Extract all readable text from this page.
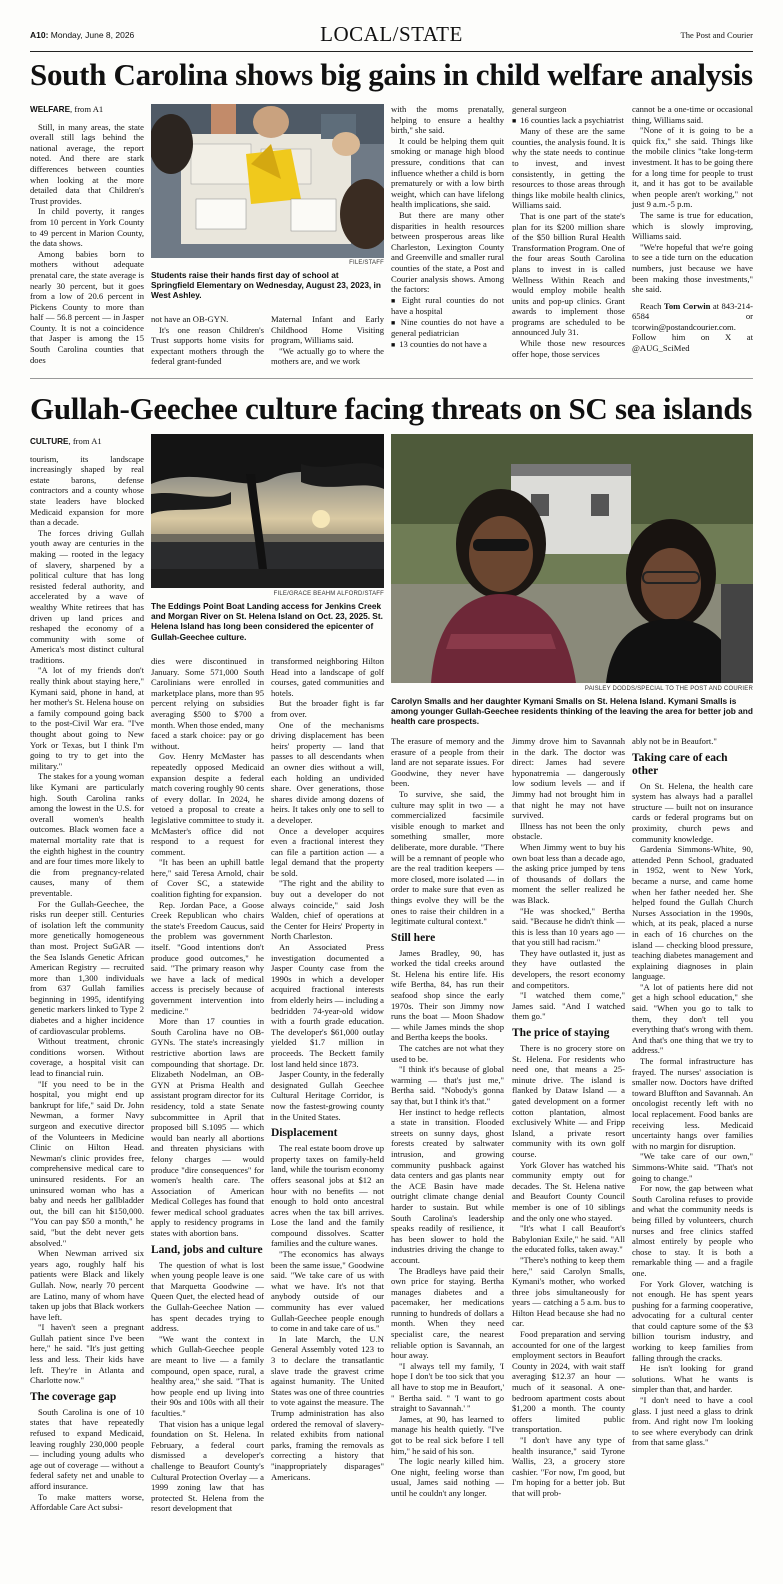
A10: Monday, June 8, 2026	LOCAL/STATE	The Post and Courier
South Carolina shows big gains in child welfare analysis
FILE/STAFF
Students raise their hands first day of school at Springfield Elementary on Wednesday, August 23, 2023, in West Ashley.

WELFARE, from A1

Still, in many areas, the state overall still lags behind the national average, the report noted. And there are stark differences between counties when looking at the more detailed data that Children's Trust provides.

In child poverty, it ranges from 10 percent in York County to 49 percent in Marion County, the data shows.

Among babies born to mothers without adequate prenatal care, the state average is nearly 30 percent, but it goes from a low of 20.6 percent in Pickens County to more than half — 56.8 percent — in Jasper County. It is not a coincidence that Jasper is among the 15 South Carolina counties that does

not have an OB-GYN.

It's one reason Children's Trust supports home visits for expectant mothers through the federal grant-funded

Maternal Infant and Early Childhood Home Visiting program, Williams said.

"We actually go to where the mothers are, and we work

with the moms prenatally, helping to ensure a healthy birth," she said.

It could be helping them quit smoking or manage high blood pressure, conditions that can influence whether a child is born prematurely or with a low birth weight, which can have lifelong health implications, she said.

But there are many other disparities in health resources between prosperous areas like Charleston, Lexington County and Greenville and smaller rural counties of the state, a Post and Courier analysis shows. Among the factors:

■ Eight rural counties do not have a hospital

■ Nine counties do not have a general pediatrician

■ 13 counties do not have a

general surgeon

■ 16 counties lack a psychiatrist

Many of these are the same counties, the analysis found. It is why the state needs to continue to invest, and invest consistently, in getting the resources to those areas through things like mobile health clinics, Williams said.

That is one part of the state's plan for its $200 million share of the $50 billion Rural Health Transformation Program. One of the four areas South Carolina plans to invest in is called Wellness Within Reach and would employ mobile health units and pop-up clinics. Grant awards to implement those programs are scheduled to be announced July 31.

While those new resources offer hope, those services

cannot be a one-time or occasional thing, Williams said.

"None of it is going to be a quick fix," she said. Things like the mobile clinics "take long-term investment. It has to be going there for a long time for people to trust it, and it has got to be available when people aren't working," not just 9 a.m.-5 p.m.

The same is true for education, which is slowly improving, Williams said.

"We're hopeful that we're going to see a tide turn on the education numbers, just because we have been making those investments," she said.

Reach Tom Corwin at 843-214-6584 or tcorwin@postandcourier.com. Follow him on X at @AUG_SciMed

Gullah-Geechee culture facing threats on SC sea islands
FILE/GRACE BEAHM ALFORD/STAFF
The Eddings Point Boat Landing access for Jenkins Creek and Morgan River on St. Helena Island on Oct. 23, 2025. St. Helena Island has long been considered the epicenter of Gullah-Geechee culture.
PAISLEY DODDS/SPECIAL TO THE POST AND COURIER
Carolyn Smalls and her daughter Kymani Smalls on St. Helena Island. Kymani Smalls is among younger Gullah-Geechee residents thinking of the leaving the area for better job and health care prospects.

CULTURE, from A1

tourism, its landscape increasingly shaped by real estate barons, defense contractors and a county whose state leaders have blocked Medicaid expansion for more than a decade.

The forces driving Gullah youth away are centuries in the making — rooted in the legacy of slavery, sharpened by a political culture that has long resisted federal authority, and accelerated by a wave of wealthy White retirees that has driven up land prices and reshaped the economy of a community with some of America's most distinct cultural traditions.

"A lot of my friends don't really think about staying here," Kymani said, phone in hand, at her mother's St. Helena house on a family compound going back to the post-Civil War era. "I've thought about going to New York or Texas, but I think I'm going to try to get into the military."

The stakes for a young woman like Kymani are particularly high. South Carolina ranks among the lowest in the U.S. for overall women's health outcomes. Black women face a maternal mortality rate that is the eighth highest in the country and are four times more likely to die from pregnancy-related causes, many of them preventable.

For the Gullah-Geechee, the risks run deeper still. Centuries of isolation left the community more genetically homogeneous than most. Project SuGAR — the Sea Islands Genetic African American Registry — recruited more than 1,300 individuals from 637 Gullah families beginning in 1995, identifying genetic markers linked to Type 2 diabetes and a higher incidence of cardiovascular problems.

Without treatment, chronic conditions worsen. Without coverage, a hospital visit can lead to financial ruin.

"If you need to be in the hospital, you might end up bankrupt for life," said Dr. John Newman, a former Navy surgeon and executive director of the Volunteers in Medicine Clinic on Hilton Head. Newman's clinic provides free, comprehensive medical care to uninsured residents. For an uninsured woman who has a baby and needs her gallbladder out, the bill can hit $150,000. "You can pay $50 a month," he said, "but the debt never gets absolved."

When Newman arrived six years ago, roughly half his patients were Black and likely Gullah. Now, nearly 70 percent are Latino, many of whom have taken up jobs that Black workers have left.

"I haven't seen a pregnant Gullah patient since I've been here," he said. "It's just getting less and less. Their kids have left. They're in Atlanta and Charlotte now."

The coverage gap

South Carolina is one of 10 states that have repeatedly refused to expand Medicaid, leaving roughly 230,000 people — including young adults who age out of coverage — without a federal safety net and unable to afford insurance.

To make matters worse, Affordable Care Act subsi-

dies were discontinued in January. Some 571,000 South Carolinians were enrolled in marketplace plans, more than 95 percent relying on subsidies averaging $500 to $700 a month. When those ended, many faced a stark choice: pay or go without.

Gov. Henry McMaster has repeatedly opposed Medicaid expansion despite a federal match covering roughly 90 cents of every dollar. In 2024, he vetoed a proposal to create a legislative committee to study it. McMaster's office did not respond to a request for comment.

"It has been an uphill battle here," said Teresa Arnold, chair of Cover SC, a statewide coalition fighting for expansion.

Rep. Jordan Pace, a Goose Creek Republican who chairs the state's Freedom Caucus, said the problem was government itself. "Good intentions don't produce good outcomes," he said. "The primary reason why we have a lack of medical access is precisely because of government intervention into medicine."

More than 17 counties in South Carolina have no OB-GYNs. The state's increasingly restrictive abortion laws are compounding that shortage. Dr. Elizabeth Nodelman, an OB-GYN at Prisma Health and assistant program director for its residency, told a state Senate subcommittee in April that proposed bill S.1095 — which would ban nearly all abortions and threaten physicians with felony charges — would produce "dire consequences" for women's health care. The Association of American Medical Colleges has found that fewer medical school graduates apply to residency programs in states with abortion bans.

Land, jobs and culture

The question of what is lost when young people leave is one that Marquetta Goodwine — Queen Quet, the elected head of the Gullah-Geechee Nation — has spent decades trying to address.

"We want the context in which Gullah-Geechee people are meant to live — a family compound, open space, rural, a healthy area," she said. "That is how people end up living into their 90s and 100s with all their faculties."

That vision has a unique legal foundation on St. Helena. In February, a federal court dismissed a developer's challenge to Beaufort County's Cultural Protection Overlay — a 1999 zoning law that has protected St. Helena from the resort development that

transformed neighboring Hilton Head into a landscape of golf courses, gated communities and hotels.

But the broader fight is far from over.

One of the mechanisms driving displacement has been heirs' property — land that passes to all descendants when an owner dies without a will, each holding an undivided share. Over generations, those shares divide among dozens of heirs. It takes only one to sell to a developer.

Once a developer acquires even a fractional interest they can file a partition action — a legal demand that the property be sold.

"The right and the ability to buy out a developer do not always coincide," said Josh Walden, chief of operations at the Center for Heirs' Property in North Charleston.

An Associated Press investigation documented a Jasper County case from the 1990s in which a developer acquired fractional interests from elderly heirs — including a bedridden 74-year-old widow with a fourth grade education. The developer's $61,000 outlay yielded $1.7 million in proceeds. The Beckett family lost land held since 1873.

Jasper County, in the federally designated Gullah Geechee Cultural Heritage Corridor, is now the fastest-growing county in the United States.

Displacement

The real estate boom drove up property taxes on family-held land, while the tourism economy offers seasonal jobs at $12 an hour with no benefits — not enough to hold onto ancestral acres when the tax bill arrives. Lose the land and the family compound dissolves. Scatter families and the culture wanes.

"The economics has always been the same issue," Goodwine said. "We take care of us with what we have. It's not that anybody outside of our community has ever valued Gullah-Geechee people enough to come in and take care of us."

In late March, the U.N General Assembly voted 123 to 3 to declare the transatlantic slave trade the gravest crime against humanity. The United States was one of three countries to vote against the measure. The Trump administration has also ordered the removal of slavery-related exhibits from national parks, framing the removals as correcting a history that "inappropriately disparages" Americans.

The erasure of memory and the erasure of a people from their land are not separate issues. For Goodwine, they never have been.

To survive, she said, the culture may split in two — a commercialized facsimile visible enough to market and something smaller, more deliberate, more durable. "There will be a remnant of people who are the real tradition keepers — more closed, more isolated — in order to make sure that even as things evolve they will be the ones to raise their children in a legitimate cultural context."

Still here

James Bradley, 90, has worked the tidal creeks around St. Helena his entire life. His wife Bertha, 84, has run their seafood shop since the early 1970s. Their son Jimmy now runs the boat — Moon Shadow — while James minds the shop and Bertha keeps the books.

The catches are not what they used to be.

"I think it's because of global warming — that's just me," Bertha said. "Nobody's gonna say that, but I think it's that."

Her instinct to hedge reflects a state in transition. Flooded streets on sunny days, ghost forests created by saltwater intrusion, and growing community pushback against data centers and gas plants near the ACE Basin have made outright climate change denial harder to sustain. But while South Carolina's leadership speaks readily of resilience, it has been slower to hold the industries driving the change to account.

The Bradleys have paid their own price for staying. Bertha manages diabetes and a pacemaker, her medications running to hundreds of dollars a month. When they need specialist care, the nearest reliable option is Savannah, an hour away.

"I always tell my family, 'I hope I don't be too sick that you all have to stop me in Beaufort,' " Bertha said. " 'I want to go straight to Savannah.' "

James, at 90, has learned to manage his health quietly. "I've got to be real sick before I tell him," he said of his son.

The logic nearly killed him. One night, feeling worse than usual, James said nothing — until he couldn't any longer.

Jimmy drove him to Savannah in the dark. The doctor was direct: James had severe hyponatremia — dangerously low sodium levels — and if Jimmy had not brought him in that night he may not have survived.

Illness has not been the only obstacle.

When Jimmy went to buy his own boat less than a decade ago, the asking price jumped by tens of thousands of dollars the moment the seller realized he was Black.

"He was shocked," Bertha said. "Because he didn't think — this is less than 10 years ago — that you still had racism."

They have outlasted it, just as they have outlasted the developers, the resort economy and competitors.

"I watched them come," James said. "And I watched them go."

The price of staying

There is no grocery store on St. Helena. For residents who need one, that means a 25-minute drive. The island is flanked by Dataw Island — a gated development on a former cotton plantation, almost exclusively White — and Fripp Island, a private resort community with its own golf course.

York Glover has watched his community empty out for decades. The St. Helena native and Beaufort County Council member is one of 10 siblings and the only one who stayed.

"It's what I call Beaufort's Babylonian Exile," he said. "All the educated folks, taken away."

"There's nothing to keep them here," said Carolyn Smalls, Kymani's mother, who worked three jobs simultaneously for years — catching a 5 a.m. bus to Hilton Head because she had no car.

Food preparation and serving accounted for one of the largest employment sectors in Beaufort County in 2024, with wait staff averaging $12.37 an hour — much of it seasonal. A one-bedroom apartment costs about $1,200 a month. The county offers limited public transportation.

"I don't have any type of health insurance," said Tyrone Wallis, 23, a grocery store cashier. "For now, I'm good, but I'm hoping for a better job. But that will prob-

ably not be in Beaufort."

Taking care of each other

On St. Helena, the health care system has always had a parallel structure — built not on insurance cards or federal programs but on proximity, church pews and community knowledge.

Gardenia Simmons-White, 90, attended Penn School, graduated in 1952, went to New York, became a nurse, and came home when her father needed her. She helped found the Gullah Church Nurses Association in the 1990s, which, at its peak, placed a nurse in each of 16 churches on the island — checking blood pressure, teaching diabetes management and explaining diagnoses in plain language.

"A lot of patients here did not get a high school education," she said. "When you go to talk to them, they don't tell you everything that's wrong with them. And that's one thing that we try to address."

The formal infrastructure has frayed. The nurses' association is smaller now. Doctors have drifted toward Bluffton and Savannah. An oncologist recently left with no local replacement. Food banks are receiving less. Medicaid uncertainty hangs over families with no margin for disruption.

"We take care of our own," Simmons-White said. "That's not going to change."

For now, the gap between what South Carolina refuses to provide and what the community needs is being filled by volunteers, church nurses and free clinics staffed almost entirely by people who chose to stay. It is both a remarkable thing — and a fragile one.

For York Glover, watching is not enough. He has spent years pushing for a farming cooperative, advocating for a cultural center that could capture some of the $3 billion tourism industry, and working to keep families from falling through the cracks.

He isn't looking for grand solutions. What he wants is simpler than that, and harder.

"I don't need to have a cool glass. I just need a glass to drink from. And right now I'm looking to see where everybody can drink from that same glass."
